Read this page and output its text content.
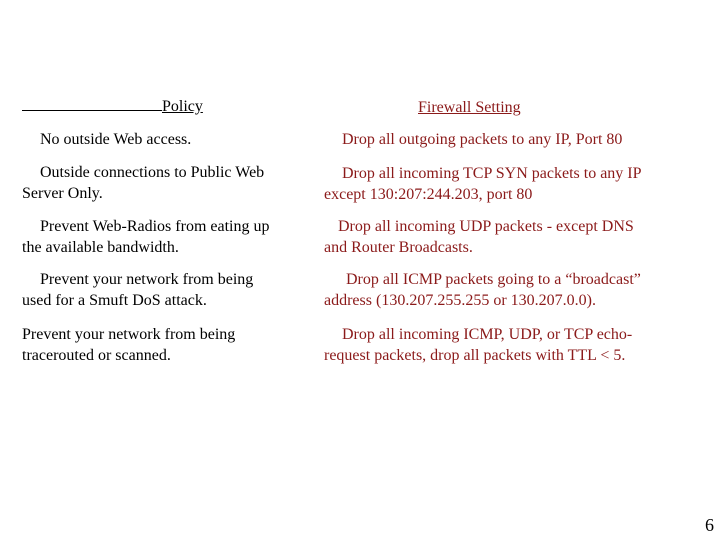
Policy	Firewall Setting
No outside Web access.	Drop all outgoing packets to any IP, Port 80
Outside connections to Public Web
Server Only.
Drop all incoming TCP SYN packets to any IP
except 130:207:244.203, port 80
Prevent Web-Radios from eating up
the available bandwidth.
Drop all incoming UDP packets - except DNS
and Router Broadcasts.
Prevent your network from being
used for a Smuft DoS attack.
Drop all ICMP packets going to a “broadcast”
address (130.207.255.255 or 130.207.0.0).
Prevent your network from being
tracerouted or scanned.
Drop all incoming ICMP, UDP, or TCP echo-
request packets, drop all packets with TTL < 5.
6
